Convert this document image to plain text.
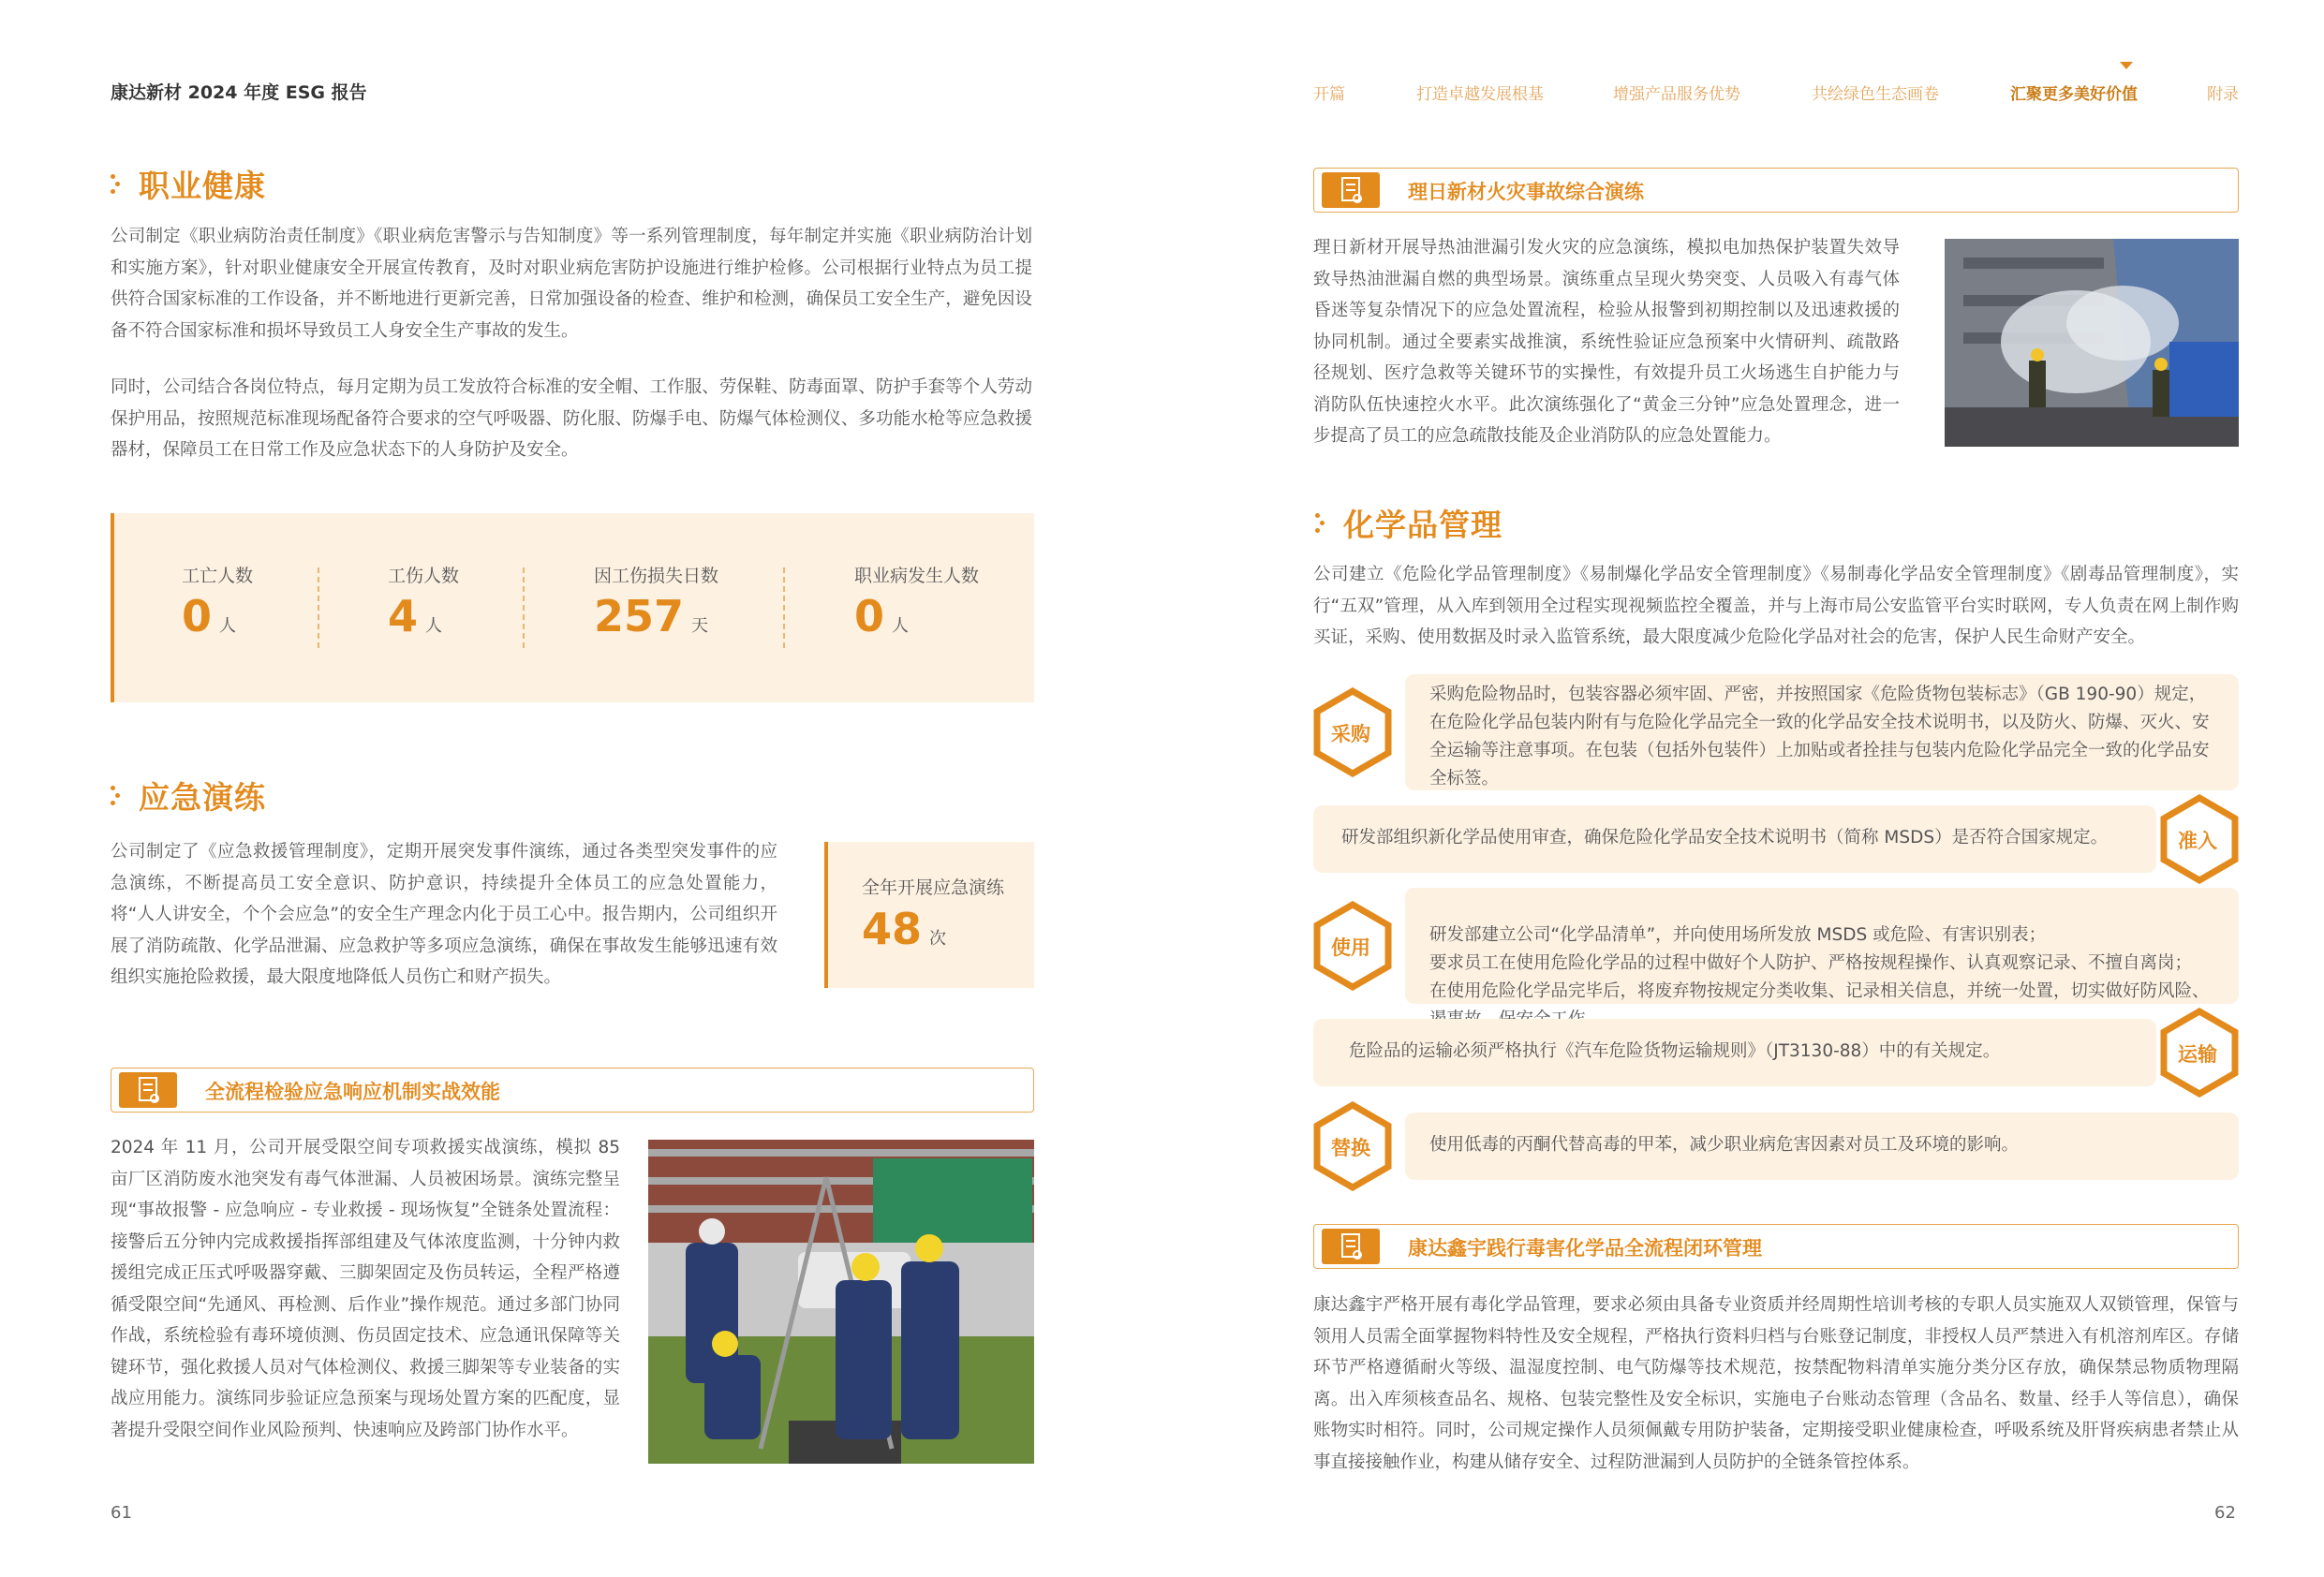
康达新材 2024 年度 ESG 报告	开篇	打造卓越发展根基	增强产品服务优势	共绘绿色生态画卷	汇聚更多美好价值	附录
职业健康

公司制定《职业病防治责任制度》《职业病危害警示与告知制度》等一系列管理制度，每年制定并实施《职业病防治计划和实施方案》，针对职业健康安全开展宣传教育，及时对职业病危害防护设施进行维护检修。公司根据行业特点为员工提供符合国家标准的工作设备，并不断地进行更新完善，日常加强设备的检查、维护和检测，确保员工安全生产，避免因设备不符合国家标准和损坏导致员工人身安全生产事故的发生。

同时，公司结合各岗位特点，每月定期为员工发放符合标准的安全帽、工作服、劳保鞋、防毒面罩、防护手套等个人劳动保护用品，按照规范标准现场配备符合要求的空气呼吸器、防化服、防爆手电、防爆气体检测仪、多功能水枪等应急救援器材，保障员工在日常工作及应急状态下的人身防护及安全。

工亡人数
0 人
工伤人数
4 人
因工伤损失日数
257 天
职业病发生人数
0 人
应急演练

公司制定了《应急救援管理制度》，定期开展突发事件演练，通过各类型突发事件的应急演练，不断提高员工安全意识、防护意识，持续提升全体员工的应急处置能力，将“人人讲安全，个个会应急”的安全生产理念内化于员工心中。报告期内，公司组织开展了消防疏散、化学品泄漏、应急救护等多项应急演练，确保在事故发生能够迅速有效组织实施抢险救援，最大限度地降低人员伤亡和财产损失。

全年开展应急演练
48 次
全流程检验应急响应机制实战效能

2024 年 11 月，公司开展受限空间专项救援实战演练，模拟 85 亩厂区消防废水池突发有毒气体泄漏、人员被困场景。演练完整呈现“事故报警 - 应急响应 - 专业救援 - 现场恢复”全链条处置流程：接警后五分钟内完成救援指挥部组建及气体浓度监测，十分钟内救援组完成正压式呼吸器穿戴、三脚架固定及伤员转运，全程严格遵循受限空间“先通风、再检测、后作业”操作规范。通过多部门协同作战，系统检验有毒环境侦测、伤员固定技术、应急通讯保障等关键环节，强化救援人员对气体检测仪、救援三脚架等专业装备的实战应用能力。演练同步验证应急预案与现场处置方案的匹配度，显著提升受限空间作业风险预判、快速响应及跨部门协作水平。

61
理日新材火灾事故综合演练

理日新材开展导热油泄漏引发火灾的应急演练，模拟电加热保护装置失效导致导热油泄漏自燃的典型场景。演练重点呈现火势突变、人员吸入有毒气体昏迷等复杂情况下的应急处置流程，检验从报警到初期控制以及迅速救援的协同机制。通过全要素实战推演，系统性验证应急预案中火情研判、疏散路径规划、医疗急救等关键环节的实操性，有效提升员工火场逃生自护能力与消防队伍快速控火水平。此次演练强化了“黄金三分钟”应急处置理念，进一步提高了员工的应急疏散技能及企业消防队的应急处置能力。

化学品管理

公司建立《危险化学品管理制度》《易制爆化学品安全管理制度》《易制毒化学品安全管理制度》《剧毒品管理制度》，实行“五双”管理，从入库到领用全过程实现视频监控全覆盖，并与上海市局公安监管平台实时联网，专人负责在网上制作购买证，采购、使用数据及时录入监管系统，最大限度减少危险化学品对社会的危害，保护人民生命财产安全。

采购危险物品时，包装容器必须牢固、严密，并按照国家《危险货物包装标志》（GB 190-90）规定，在危险化学品包装内附有与危险化学品完全一致的化学品安全技术说明书，以及防火、防爆、灭火、安全运输等注意事项。在包装（包括外包装件）上加贴或者拴挂与包装内危险化学品完全一致的化学品安全标签。
采购
研发部组织新化学品使用审查，确保危险化学品安全技术说明书（简称 MSDS）是否符合国家规定。	准入

研发部建立公司“化学品清单”，并向使用场所发放 MSDS 或危险、有害识别表；
要求员工在使用危险化学品的过程中做好个人防护、严格按规程操作、认真观察记录、不擅自离岗；
在使用危险化学品完毕后，将废弃物按规定分类收集、记录相关信息，并统一处置，切实做好防风险、

使用
危险品的运输必须严格执行《汽车危险货物运输规则》（JT3130-88）中的有关规定。	运输
使用低毒的丙酮代替高毒的甲苯，减少职业病危害因素对员工及环境的影响。
替换
康达鑫宇践行毒害化学品全流程闭环管理

康达鑫宇严格开展有毒化学品管理，要求必须由具备专业资质并经周期性培训考核的专职人员实施双人双锁管理，保管与领用人员需全面掌握物料特性及安全规程，严格执行资料归档与台账登记制度，非授权人员严禁进入有机溶剂库区。存储环节严格遵循耐火等级、温湿度控制、电气防爆等技术规范，按禁配物料清单实施分类分区存放，确保禁忌物质物理隔离。出入库须核查品名、规格、包装完整性及安全标识，实施电子台账动态管理（含品名、数量、经手人等信息），确保账物实时相符。同时，公司规定操作人员须佩戴专用防护装备，定期接受职业健康检查，呼吸系统及肝肾疾病患者禁止从事直接接触作业，构建从储存安全、过程防泄漏到人员防护的全链条管控体系。

62
